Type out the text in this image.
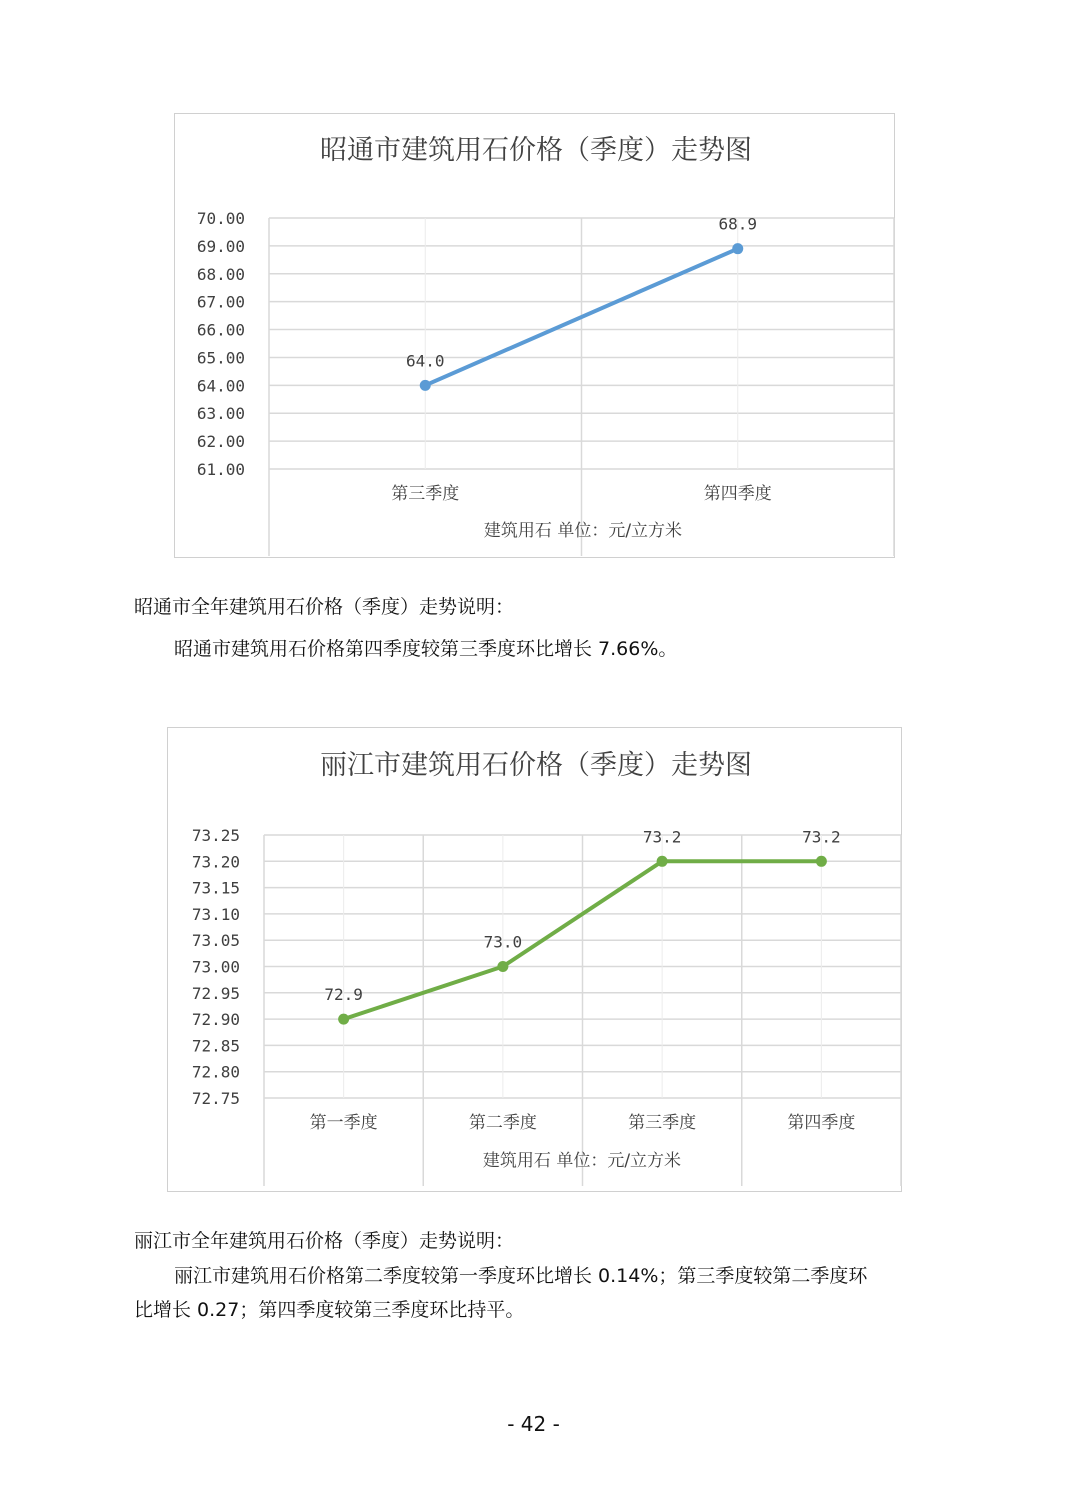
昭通市建筑用石价格（季度）走势图
70.00
69.00
68.00
67.00
66.00
65.00
64.00
63.00
62.00
61.00
第三季度	第四季度
建筑用石 单位：元/立方米
64.0
68.9
昭通市全年建筑用石价格（季度）走势说明：
昭通市建筑用石价格第四季度较第三季度环比增长 7.66%。
丽江市建筑用石价格（季度）走势图
73.25
73.20
73.15
73.10
73.05
73.00
72.95
72.90
72.85
72.80
72.75
第一季度	第二季度	第三季度	第四季度
建筑用石 单位：元/立方米
72.9
73.0
73.2	73.2
丽江市全年建筑用石价格（季度）走势说明：
丽江市建筑用石价格第二季度较第一季度环比增长 0.14%；第三季度较第二季度环
比增长 0.27；第四季度较第三季度环比持平。
- 42 -
